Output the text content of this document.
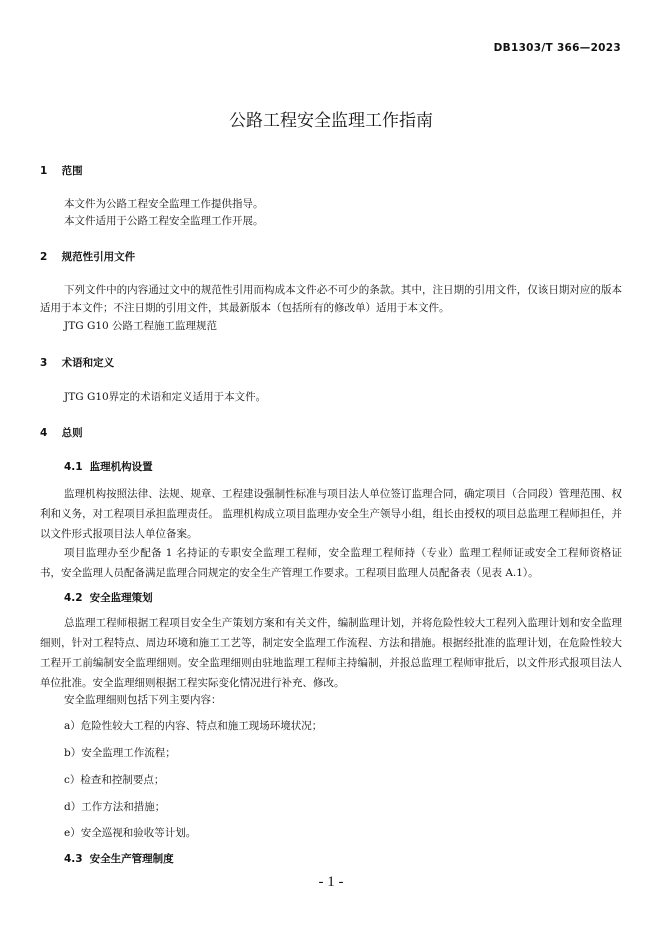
DB1303/T 366—2023
公路工程安全监理工作指南
1 范围
本文件为公路工程安全监理工作提供指导。
本文件适用于公路工程安全监理工作开展。
2 规范性引用文件
下列文件中的内容通过文中的规范性引用而构成本文件必不可少的条款。其中，注日期的引用文件，仅该日期对应的版本适用于本文件；不注日期的引用文件，其最新版本（包括所有的修改单）适用于本文件。
JTG G10 公路工程施工监理规范
3 术语和定义
JTG G10界定的术语和定义适用于本文件。
4 总则
4.1 监理机构设置
监理机构按照法律、法规、规章、工程建设强制性标准与项目法人单位签订监理合同，确定项目（合同段）管理范围、权利和义务，对工程项目承担监理责任。 监理机构成立项目监理办安全生产领导小组，组长由授权的项目总监理工程师担任，并以文件形式报项目法人单位备案。
项目监理办至少配备 1 名持证的专职安全监理工程师，安全监理工程师持（专业）监理工程师证或安全工程师资格证书，安全监理人员配备满足监理合同规定的安全生产管理工作要求。工程项目监理人员配备表（见表 A.1）。
4.2 安全监理策划
总监理工程师根据工程项目安全生产策划方案和有关文件，编制监理计划，并将危险性较大工程列入监理计划和安全监理细则，针对工程特点、周边环境和施工工艺等，制定安全监理工作流程、方法和措施。根据经批准的监理计划，在危险性较大工程开工前编制安全监理细则。安全监理细则由驻地监理工程师主持编制，并报总监理工程师审批后，以文件形式报项目法人单位批准。安全监理细则根据工程实际变化情况进行补充、修改。
安全监理细则包括下列主要内容：
a）危险性较大工程的内容、特点和施工现场环境状况；
b）安全监理工作流程；
c）检查和控制要点；
d）工作方法和措施；
e）安全巡视和验收等计划。
4.3 安全生产管理制度
- 1 -
